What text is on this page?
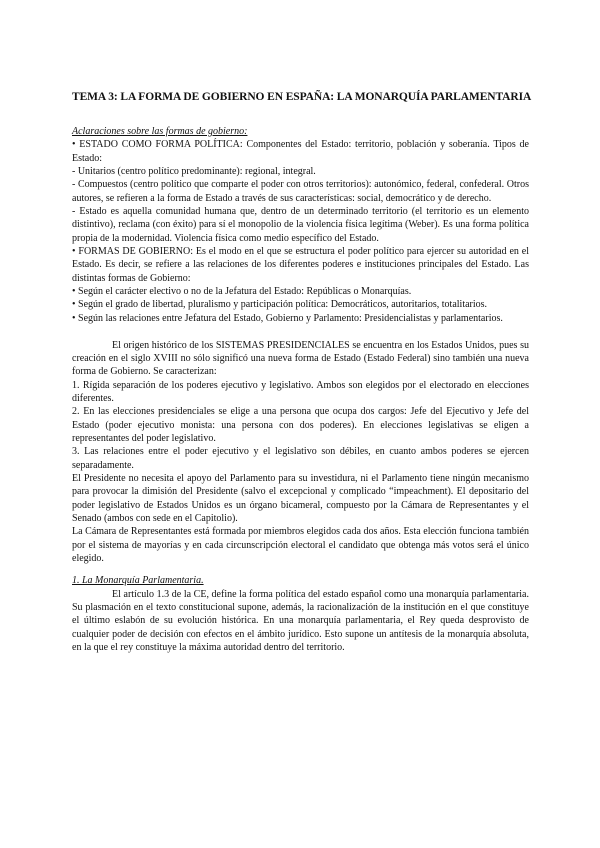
TEMA 3: LA FORMA DE GOBIERNO EN ESPAÑA: LA MONARQUÍA PARLAMENTARIA

Aclaraciones sobre las formas de gobierno:

• ESTADO COMO FORMA POLÍTICA: Componentes del Estado: territorio, población y soberanía. Tipos de Estado:

- Unitarios (centro político predominante): regional, integral.

- Compuestos (centro político que comparte el poder con otros territorios): autonómico, federal, confederal. Otros autores, se refieren a la forma de Estado a través de sus características: social, democrático y de derecho.

- Estado es aquella comunidad humana que, dentro de un determinado territorio (el territorio es un elemento distintivo), reclama (con éxito) para sí el monopolio de la violencia física legítima (Weber). Es una forma política propia de la modernidad. Violencia física como medio específico del Estado.

• FORMAS DE GOBIERNO: Es el modo en el que se estructura el poder político para ejercer su autoridad en el Estado. Es decir, se refiere a las relaciones de los diferentes poderes e instituciones principales del Estado. Las distintas formas de Gobierno:

• Según el carácter electivo o no de la Jefatura del Estado: Repúblicas o Monarquías.

• Según el grado de libertad, pluralismo y participación política: Democráticos, autoritarios, totalitarios.

• Según las relaciones entre Jefatura del Estado, Gobierno y Parlamento: Presidencialistas y parlamentarios.

El origen histórico de los SISTEMAS PRESIDENCIALES se encuentra en los Estados Unidos, pues su creación en el siglo XVIII no sólo significó una nueva forma de Estado (Estado Federal) sino también una nueva forma de Gobierno. Se caracterizan:

1. Rígida separación de los poderes ejecutivo y legislativo. Ambos son elegidos por el electorado en elecciones diferentes.

2. En las elecciones presidenciales se elige a una persona que ocupa dos cargos: Jefe del Ejecutivo y Jefe del Estado (poder ejecutivo monista: una persona con dos poderes). En elecciones legislativas se eligen a representantes del poder legislativo.

3. Las relaciones entre el poder ejecutivo y el legislativo son débiles, en cuanto ambos poderes se ejercen separadamente.

El Presidente no necesita el apoyo del Parlamento para su investidura, ni el Parlamento tiene ningún mecanismo para provocar la dimisión del Presidente (salvo el excepcional y complicado “impeachment). El depositario del poder legislativo de Estados Unidos es un órgano bicameral, compuesto por la Cámara de Representantes y el Senado (ambos con sede en el Capitolio).

La Cámara de Representantes está formada por miembros elegidos cada dos años. Esta elección funciona también por el sistema de mayorías y en cada circunscripción electoral el candidato que obtenga más votos será el único elegido.

1. La Monarquía Parlamentaria.

El artículo 1.3 de la CE, define la forma política del estado español como una monarquía parlamentaria. Su plasmación en el texto constitucional supone, además, la racionalización de la institución en el que constituye el último eslabón de su evolución histórica. En una monarquía parlamentaria, el Rey queda desprovisto de cualquier poder de decisión con efectos en el ámbito jurídico. Esto supone un antítesis de la monarquía absoluta, en la que el rey constituye la máxima autoridad dentro del territorio.
